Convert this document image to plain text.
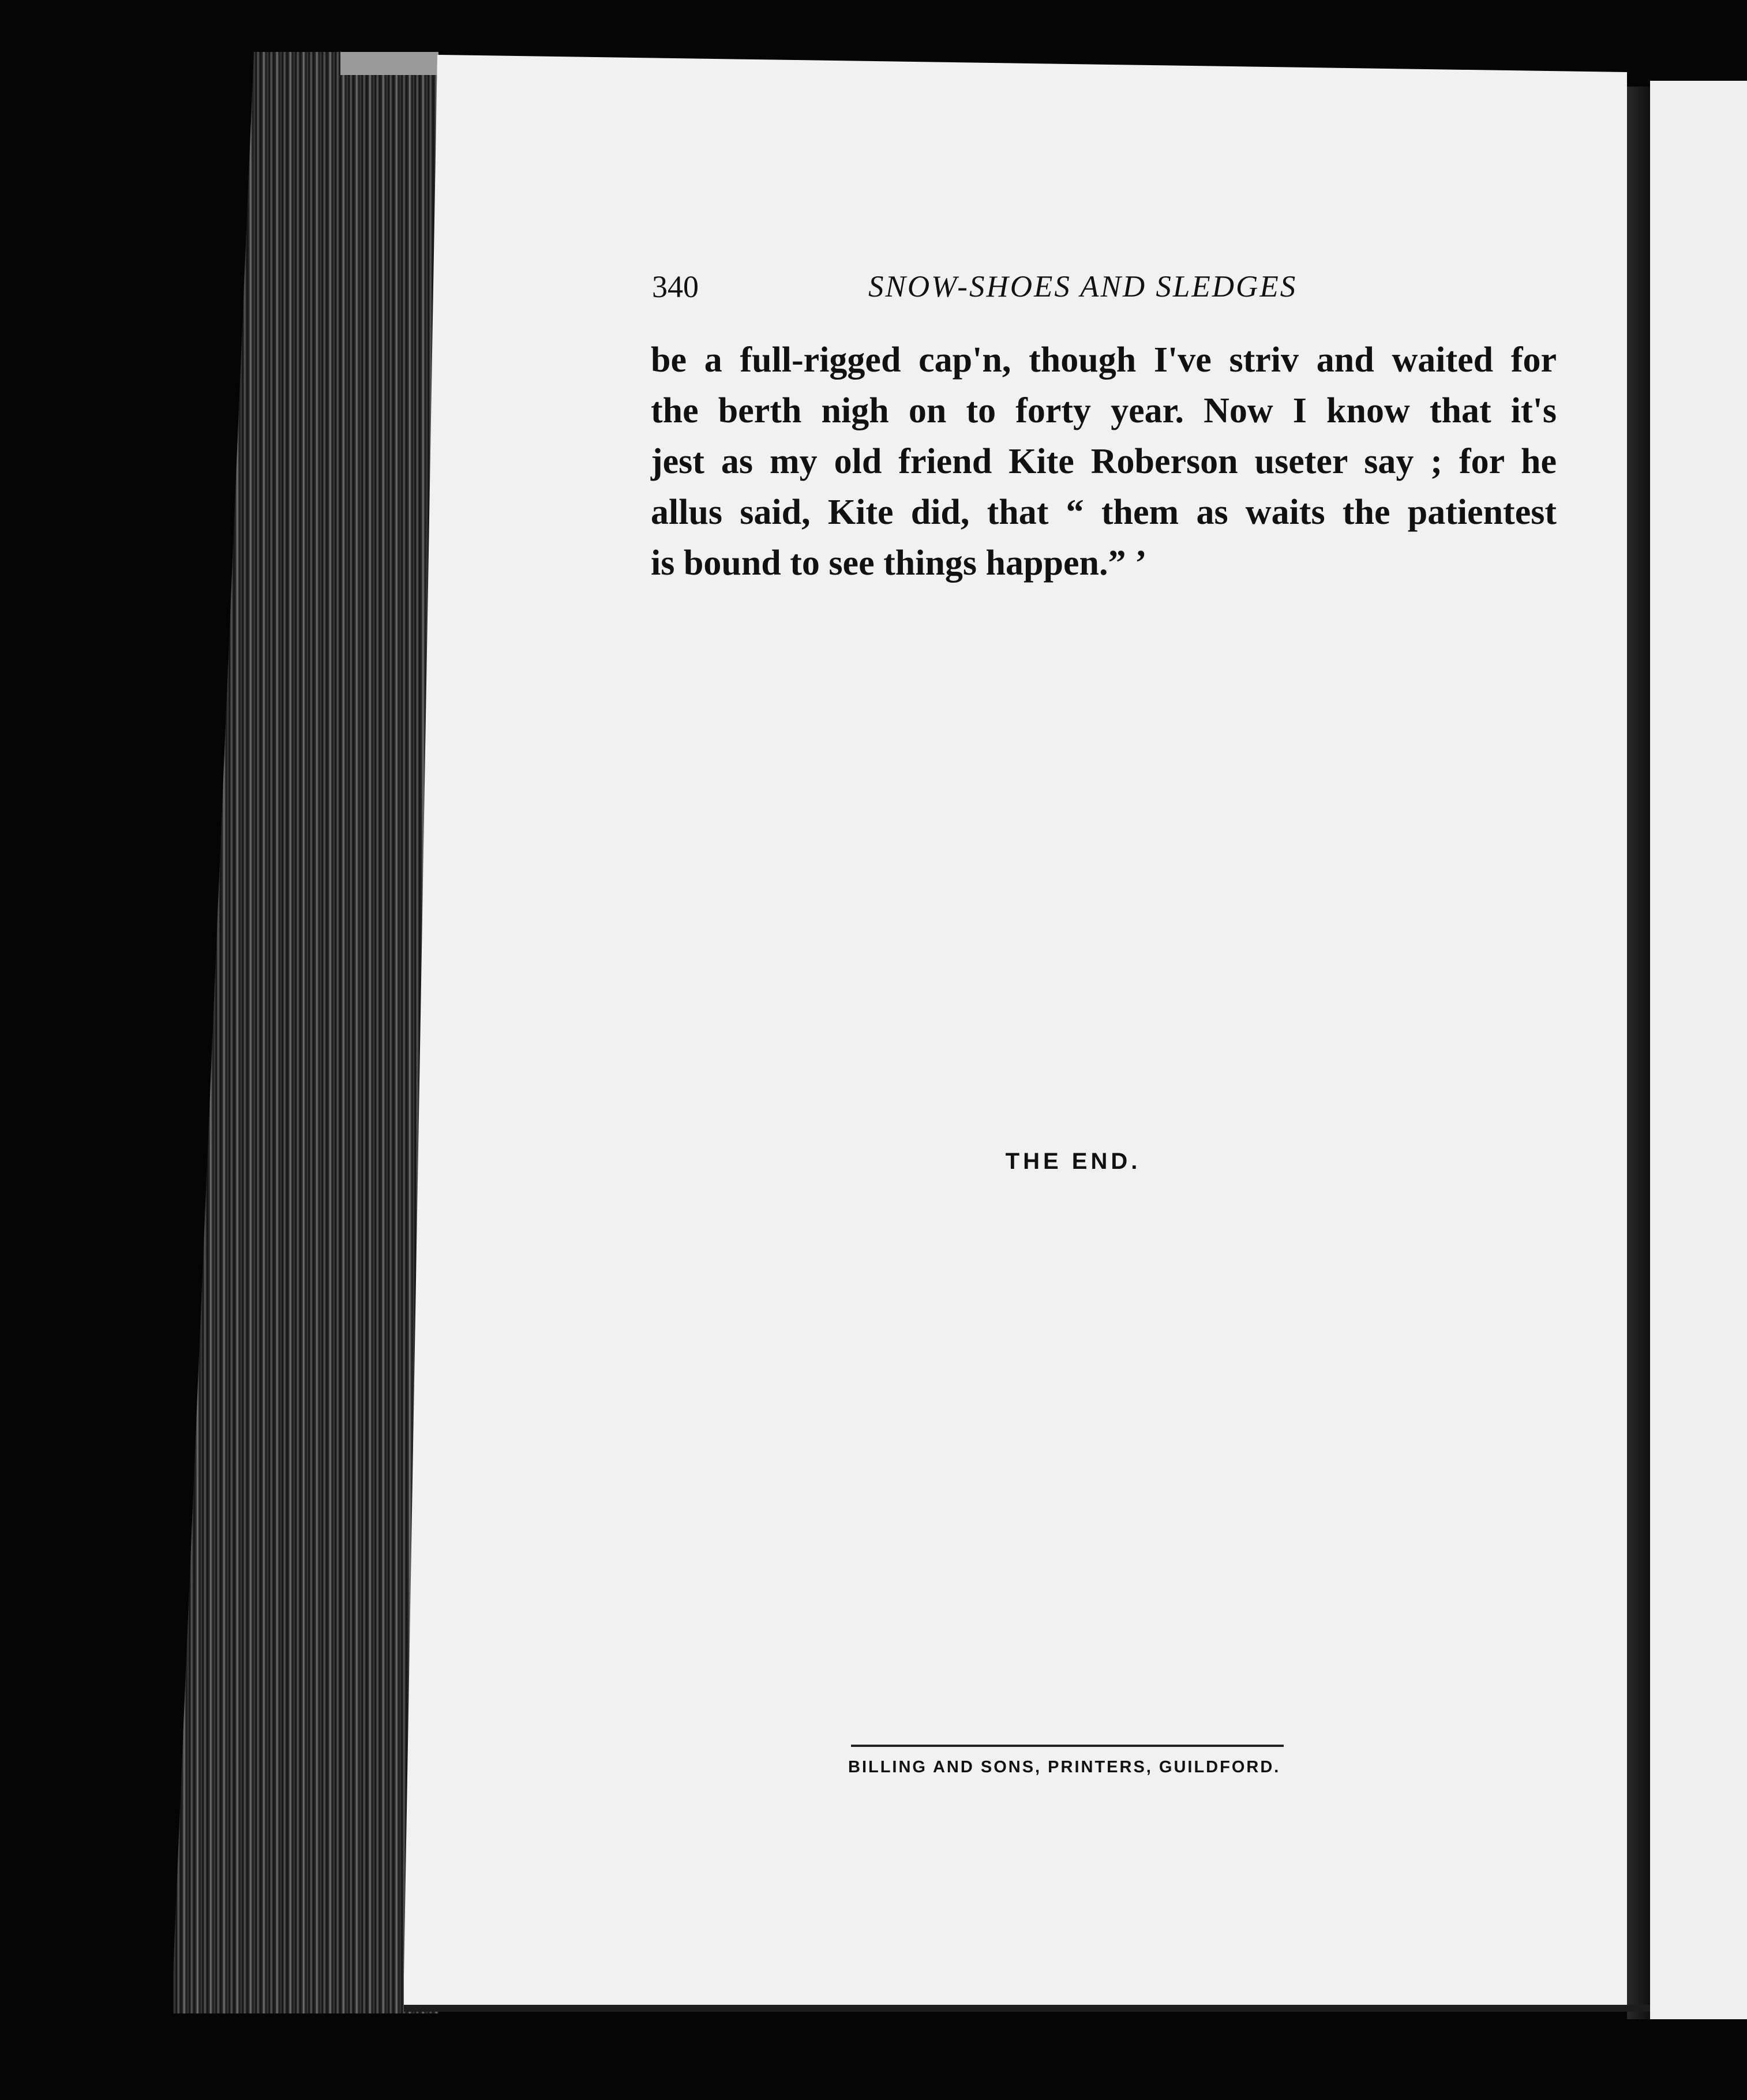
340	SNOW-SHOES AND SLEDGES
be a full-rigged cap'n, though I've striv and waited for
the berth nigh on to forty year. Now I know that it's
jest as my old friend Kite Roberson useter say ; for he
allus said, Kite did, that “ them as waits the patientest
is bound to see things happen.” ’
THE END.
BILLING AND SONS, PRINTERS, GUILDFORD.
